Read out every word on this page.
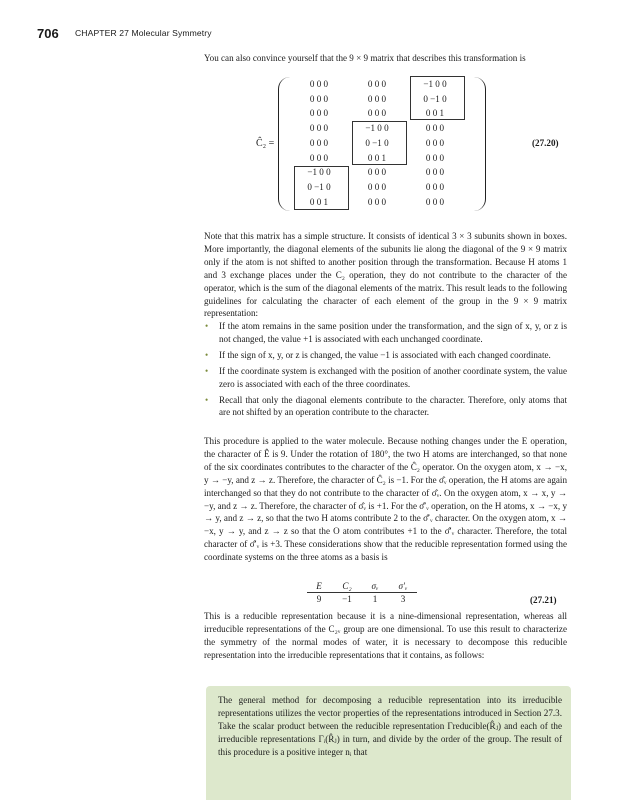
706 CHAPTER 27 Molecular Symmetry

You can also convince yourself that the 9 × 9 matrix that describes this transformation is

Ĉ₂ =
0 0 0	0 0 0	−1 0 0
0 0 0	0 0 0	0 −1 0
0 0 0	0 0 0	0 0 1
0 0 0	−1 0 0	0 0 0
0 0 0	0 −1 0	0 0 0
0 0 0	0 0 1	0 0 0
−1 0 0	0 0 0	0 0 0
0 −1 0	0 0 0	0 0 0
0 0 1	0 0 0	0 0 0
(27.20)

Note that this matrix has a simple structure. It consists of identical 3 × 3 subunits shown in boxes. More importantly, the diagonal elements of the subunits lie along the diagonal of the 9 × 9 matrix only if the atom is not shifted to another position through the transformation. Because H atoms 1 and 3 exchange places under the C₂ operation, they do not contribute to the character of the operator, which is the sum of the diagonal elements of the matrix. This result leads to the following guidelines for calculating the character of each element of the group in the 9 × 9 matrix representation:

• If the atom remains in the same position under the transformation, and the sign of x, y, or z is not changed, the value +1 is associated with each unchanged coordinate.
• If the sign of x, y, or z is changed, the value −1 is associated with each changed coordinate.
• If the coordinate system is exchanged with the position of another coordinate system, the value zero is associated with each of the three coordinates.
• Recall that only the diagonal elements contribute to the character. Therefore, only atoms that are not shifted by an operation contribute to the character.

This procedure is applied to the water molecule. Because nothing changes under the E operation, the character of Ê is 9. Under the rotation of 180°, the two H atoms are interchanged, so that none of the six coordinates contributes to the character of the Ĉ₂ operator. On the oxygen atom, x → −x, y → −y, and z → z. Therefore, the character of Ĉ₂ is −1. For the σ̂ᵥ operation, the H atoms are again interchanged so that they do not contribute to the character of σ̂ᵥ. On the oxygen atom, x → x, y → −y, and z → z. Therefore, the character of σ̂ᵥ is +1. For the σ̂′ᵥ operation, on the H atoms, x → −x, y → y, and z → z, so that the two H atoms contribute 2 to the σ̂′ᵥ character. On the oxygen atom, x → −x, y → y, and z → z so that the O atom contributes +1 to the σ̂′ᵥ character. Therefore, the total character of σ̂′ᵥ is +3. These considerations show that the reducible representation formed using the coordinate systems on the three atoms as a basis is

E	C₂	σᵥ	σ′ᵥ
9	−1	1	3	(27.21)

This is a reducible representation because it is a nine-dimensional representation, whereas all irreducible representations of the C₂ᵥ group are one dimensional. To use this result to characterize the symmetry of the normal modes of water, it is necessary to decompose this reducible representation into the irreducible representations that it contains, as follows:

The general method for decomposing a reducible representation into its irreducible representations utilizes the vector properties of the representations introduced in Section 27.3. Take the scalar product between the reducible representation Γreducible(R̂ⱼ) and each of the irreducible representations Γᵢ(R̂ⱼ) in turn, and divide by the order of the group. The result of this procedure is a positive integer nᵢ that
